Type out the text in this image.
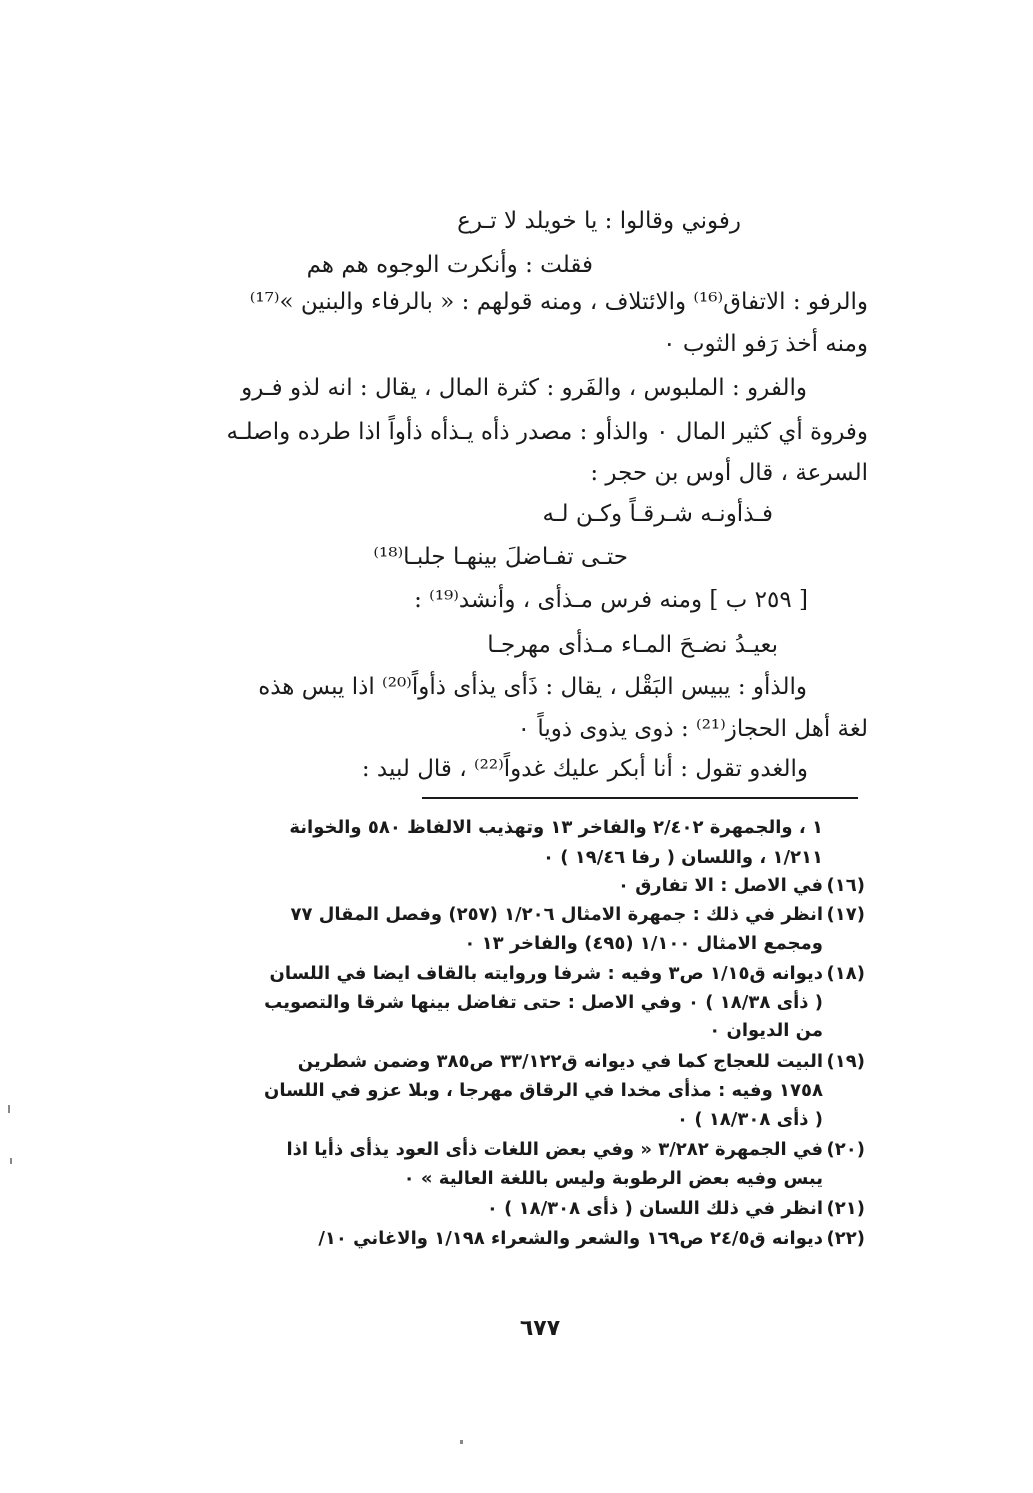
رفوني وقالوا : يا خويلد لا تـرع
فقلت : وأنكرت الوجوه هم هم
والرفو : الاتفاق⁽¹⁶⁾ والائتلاف ، ومنه قولهم : « بالرفاء والبنين »⁽¹⁷⁾
ومنه أخذ رَفو الثوب ٠
والفرو : الملبوس ، والفَرو : كثرة المال ، يقال : انه لذو فـرو
وفروة أي كثير المال ٠ والذأو : مصدر ذأه يـذأه ذأواً اذا طرده واصلـه
السرعة ، قال أوس بن حجر :
فـذأونـه شـرقـاً وكـن لـه
حتـى تفـاضلَ بينهـا جلبـا⁽¹⁸⁾
[ ٢٥٩ ب ] ومنه فرس مـذأى ، وأنشد⁽¹⁹⁾ :
بعيـدُ نضـحَ المـاء مـذأى مهرجـا
والذأو : يبيس البَقْل ، يقال : ذَأى يذأى ذأواً⁽²⁰⁾ اذا يبس هذه
لغة أهل الحجاز⁽²¹⁾ : ذوى يذوى ذوياً ٠
والغدو تقول : أنا أبكر عليك غدواً⁽²²⁾ ، قال لبيد :
١ ، والجمهرة ٢/٤٠٢ والفاخر ١٣ وتهذيب الالفاظ ٥٨٠ والخوانة
١/٢١١ ، واللسان ( رفا ١٩/٤٦ ) ٠
(١٦)
في الاصل : الا تفارق ٠
(١٧)
انظر في ذلك : جمهرة الامثال ١/٢٠٦ (٢٥٧) وفصل المقال ٧٧
ومجمع الامثال ١/١٠٠ (٤٩٥) والفاخر ١٣ ٠
(١٨)
ديوانه ق١/١٥ ص٣ وفيه : شرفا وروايته بالقاف ايضا في اللسان
( ذأى ١٨/٣٨ ) ٠ وفي الاصل : حتى تفاضل بينها شرقا والتصويب
من الديوان ٠
(١٩)
البيت للعجاج كما في ديوانه ق٣٣/١٢٢ ص٣٨٥ وضمن شطرين
١٧٥٨ وفيه : مذأى مخدا في الرقاق مهرجا ، وبلا عزو في اللسان
( ذأى ١٨/٣٠٨ ) ٠
(٢٠)
في الجمهرة ٣/٢٨٢ « وفي بعض اللغات ذأى العود يذأى ذأيا اذا
يبس وفيه بعض الرطوبة وليس باللغة العالية » ٠
(٢١)
انظر في ذلك اللسان ( ذأى ١٨/٣٠٨ ) ٠
(٢٢)
ديوانه ق٢٤/٥ ص١٦٩ والشعر والشعراء ١/١٩٨ والاغاني ١٠/
٦٧٧
